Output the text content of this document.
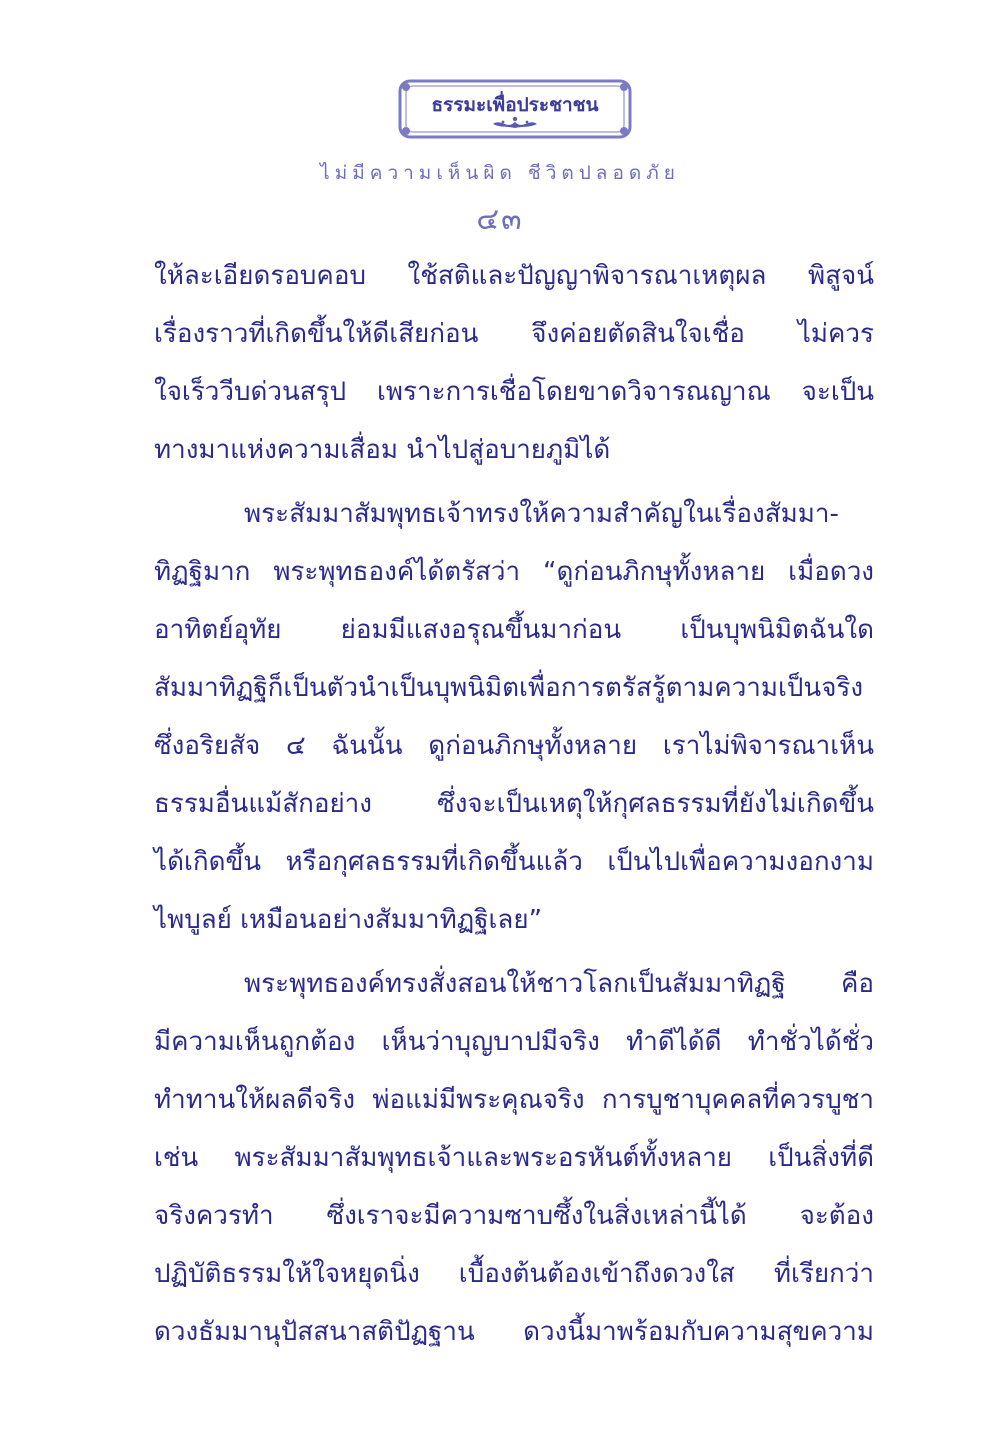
ธรรมะเพื่อประชาชน
ไม่มีความเห็นผิด ชีวิตปลอดภัย
๔๓
ให้ละเอียดรอบคอบ ใช้สติและปัญญาพิจารณาเหตุผล พิสูจน์
เรื่องราวที่เกิดขึ้นให้ดีเสียก่อน จึงค่อยตัดสินใจเชื่อ ไม่ควร
ใจเร็ววีบด่วนสรุป เพราะการเชื่อโดยขาดวิจารณญาณ จะเป็น
ทางมาแห่งความเสื่อม นำไปสู่อบายภูมิได้
พระสัมมาสัมพุทธเจ้าทรงให้ความสำคัญในเรื่องสัมมา-
ทิฏฐิมาก พระพุทธองค์ได้ตรัสว่า “ดูก่อนภิกษุทั้งหลาย เมื่อดวง
อาทิตย์อุทัย ย่อมมีแสงอรุณขึ้นมาก่อน เป็นบุพนิมิตฉันใด
สัมมาทิฏฐิก็เป็นตัวนำเป็นบุพนิมิตเพื่อการตรัสรู้ตามความเป็นจริง
ซึ่งอริยสัจ ๔ ฉันนั้น ดูก่อนภิกษุทั้งหลาย เราไม่พิจารณาเห็น
ธรรมอื่นแม้สักอย่าง ซึ่งจะเป็นเหตุให้กุศลธรรมที่ยังไม่เกิดขึ้น
ได้เกิดขึ้น หรือกุศลธรรมที่เกิดขึ้นแล้ว เป็นไปเพื่อความงอกงาม
ไพบูลย์ เหมือนอย่างสัมมาทิฏฐิเลย”
พระพุทธองค์ทรงสั่งสอนให้ชาวโลกเป็นสัมมาทิฏฐิ คือ
มีความเห็นถูกต้อง เห็นว่าบุญบาปมีจริง ทำดีได้ดี ทำชั่วได้ชั่ว
ทำทานให้ผลดีจริง พ่อแม่มีพระคุณจริง การบูชาบุคคลที่ควรบูชา
เช่น พระสัมมาสัมพุทธเจ้าและพระอรหันต์ทั้งหลาย เป็นสิ่งที่ดี
จริงควรทำ ซึ่งเราจะมีความซาบซึ้งในสิ่งเหล่านี้ได้ จะต้อง
ปฏิบัติธรรมให้ใจหยุดนิ่ง เบื้องต้นต้องเข้าถึงดวงใส ที่เรียกว่า
ดวงธัมมานุปัสสนาสติปัฏฐาน ดวงนี้มาพร้อมกับความสุขความ
